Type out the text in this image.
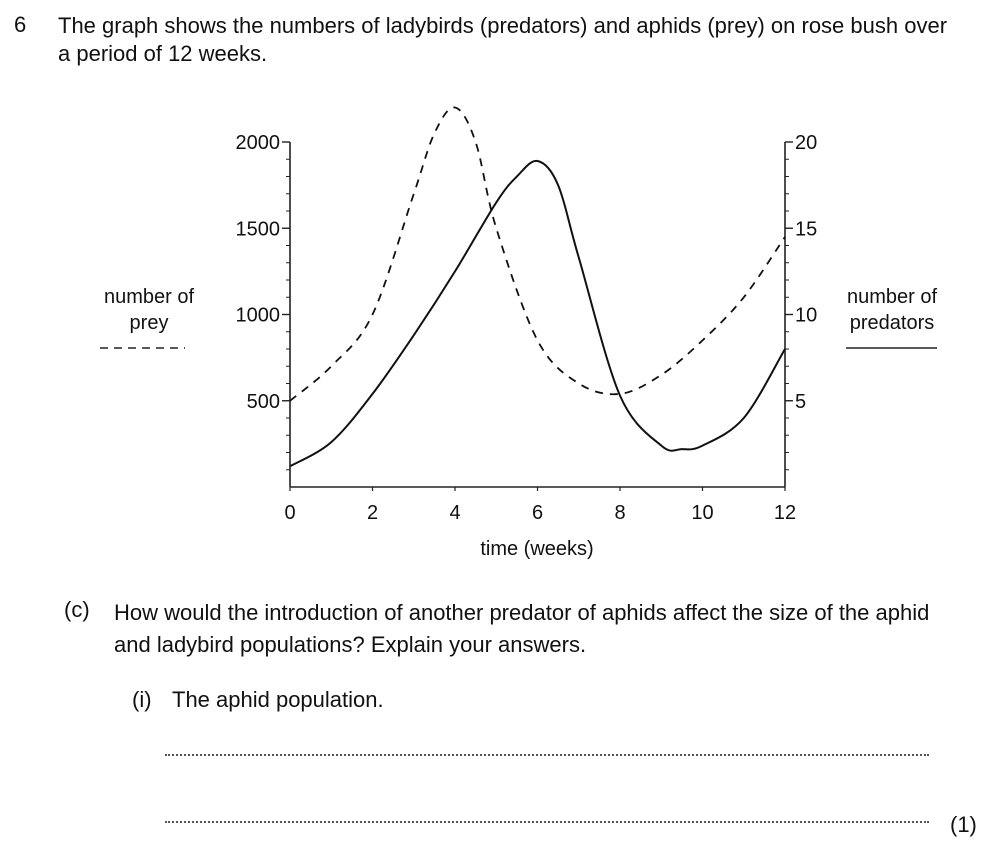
6 The graph shows the numbers of ladybirds (predators) and aphids (prey) on rose bush over a period of 12 weeks.
number of
prey
number of
predators
500
1000
1500
2000
5
10
15
20
0	2	4	6	8	10	12
time (weeks)
(c) How would the introduction of another predator of aphids affect the size of the aphid and ladybird populations? Explain your answers.
(i) The aphid population.
(1)
